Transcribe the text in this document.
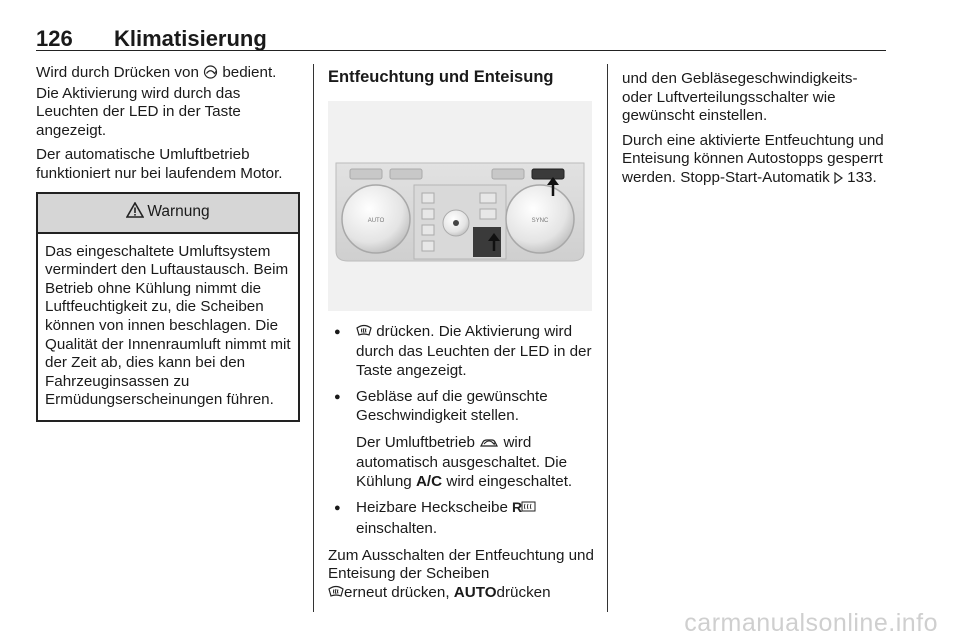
126 Klimatisierung

Wird durch Drücken von  bedient. Die Aktivierung wird durch das Leuchten der LED in der Taste angezeigt.

Der automatische Umluftbetrieb funktioniert nur bei laufendem Motor.

Warnung
Das eingeschaltete Umluftsystem vermindert den Luftaustausch. Beim Betrieb ohne Kühlung nimmt die Luftfeuchtigkeit zu, die Scheiben können von innen beschlagen. Die Qualität der Innenraumluft nimmt mit der Zeit ab, dies kann bei den Fahrzeuginsassen zu Ermüdungserscheinungen führen.
Entfeuchtung und Enteisung
AUTO	SYNC
● drücken. Die Aktivierung wird durch das Leuchten der LED in der Taste angezeigt.
● Gebläse auf die gewünschte Geschwindigkeit stellen.
Der Umluftbetrieb  wird automatisch ausgeschaltet. Die Kühlung A/C wird eingeschaltet.
● Heizbare Heckscheibe R

einschalten.
Zum Ausschalten der Entfeuchtung und Enteisung der Scheiben
erneut drücken, AUTOdrücken

und den Gebläsegeschwindigkeits- oder Luftverteilungsschalter wie gewünscht einstellen.

Durch eine aktivierte Entfeuchtung und Enteisung können Autostopps gesperrt werden. Stopp-Start-Automatik  133.

carmanualsonline.info
